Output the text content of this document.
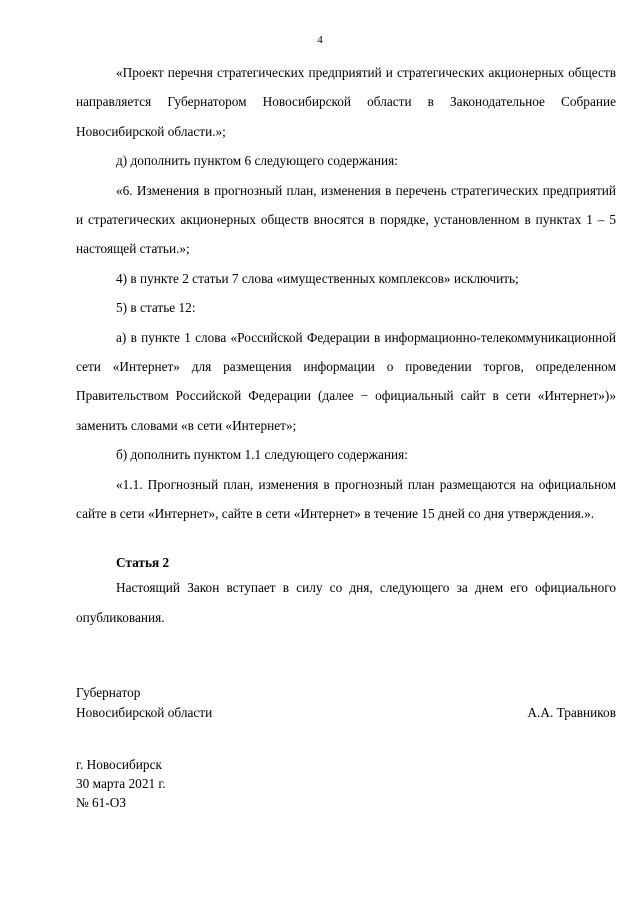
4

«Проект перечня стратегических предприятий и стратегических акционерных обществ направляется Губернатором Новосибирской области в Законодательное Собрание Новосибирской области.»;

д) дополнить пунктом 6 следующего содержания:

«6. Изменения в прогнозный план, изменения в перечень стратегических предприятий и стратегических акционерных обществ вносятся в порядке, установленном в пунктах 1 – 5 настоящей статьи.»;

4) в пункте 2 статьи 7 слова «имущественных комплексов» исключить;

5) в статье 12:

а) в пункте 1 слова «Российской Федерации в информационно-телекоммуникационной сети «Интернет» для размещения информации о проведении торгов, определенном Правительством Российской Федерации (далее − официальный сайт в сети «Интернет»)» заменить словами «в сети «Интернет»;

б) дополнить пунктом 1.1 следующего содержания:

«1.1. Прогнозный план, изменения в прогнозный план размещаются на официальном сайте в сети «Интернет», сайте в сети «Интернет» в течение 15 дней со дня утверждения.».

Статья 2

Настоящий Закон вступает в силу со дня, следующего за днем его официального опубликования.

Губернатор
Новосибирской области	А.А. Травников
г. Новосибирск
30 марта 2021 г.
№ 61-ОЗ
